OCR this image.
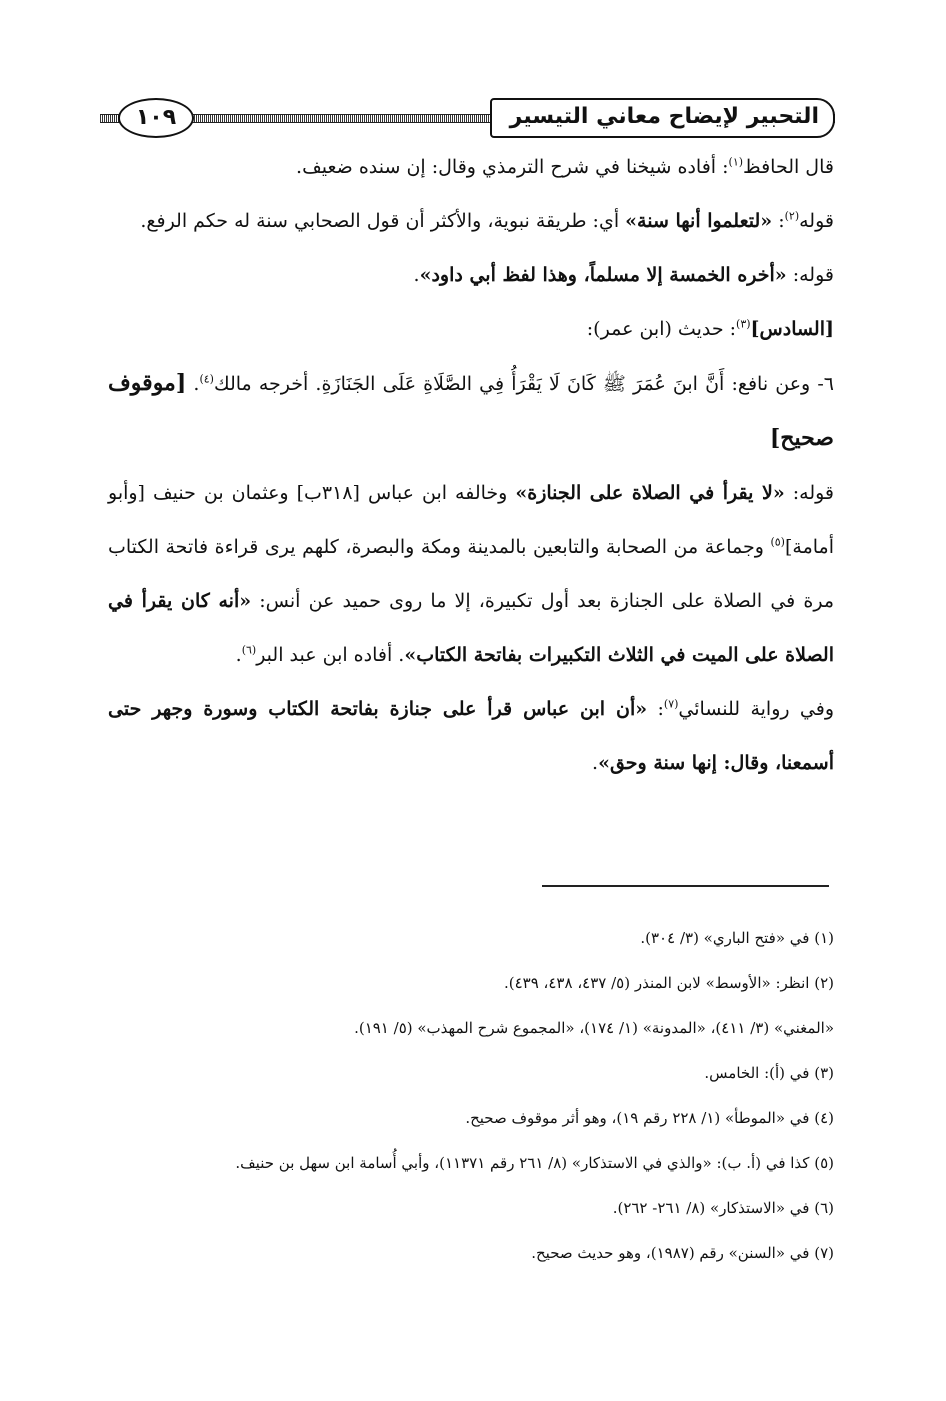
التحبير لإيضاح معاني التيسير
١٠٩

قال الحافظ$^{(١)}$: أفاده شيخنا في شرح الترمذي وقال: إن سنده ضعيف.

قوله$^{(٢)}$: «لتعلموا أنها سنة» أي: طريقة نبوية، والأكثر أن قول الصحابي سنة له حكم الرفع.

قوله: «أخره الخمسة إلا مسلماً، وهذا لفظ أبي داود».

[السادس]$^{(٣)}$: حديث (ابن عمر):

٦- وعن نافع: أَنَّ ابنَ عُمَرَ ﷺ كَانَ لَا يَقْرَأُ فِي الصَّلَاةِ عَلَى الجَنَازَةِ. أخرجه مالك$^{(٤)}$. [موقوف صحيح]

قوله: «لا يقرأ في الصلاة على الجنازة» وخالفه ابن عباس [٣١٨ب] وعثمان بن حنيف [وأبو أمامة]$^{(٥)}$ وجماعة من الصحابة والتابعين بالمدينة ومكة والبصرة، كلهم يرى قراءة فاتحة الكتاب مرة في الصلاة على الجنازة بعد أول تكبيرة، إلا ما روى حميد عن أنس: «أنه كان يقرأ في الصلاة على الميت في الثلاث التكبيرات بفاتحة الكتاب». أفاده ابن عبد البر$^{(٦)}$.

وفي رواية للنسائي$^{(٧)}$: «أن ابن عباس قرأ على جنازة بفاتحة الكتاب وسورة وجهر حتى أسمعنا، وقال: إنها سنة وحق».

(١) في «فتح الباري» (٣/ ٣٠٤).

(٢) انظر: «الأوسط» لابن المنذر (٥/ ٤٣٧، ٤٣٨، ٤٣٩).

«المغني» (٣/ ٤١١)، «المدونة» (١/ ١٧٤)، «المجموع شرح المهذب» (٥/ ١٩١).

(٣) في (أ): الخامس.

(٤) في «الموطأ» (١/ ٢٢٨ رقم ١٩)، وهو أثر موقوف صحيح.

(٥) كذا في (أ. ب): «والذي في الاستذكار» (٨/ ٢٦١ رقم ١١٣٧١)، وأبي أُسامة ابن سهل بن حنيف.

(٦) في «الاستذكار» (٨/ ٢٦١- ٢٦٢).

(٧) في «السنن» رقم (١٩٨٧)، وهو حديث صحيح.
